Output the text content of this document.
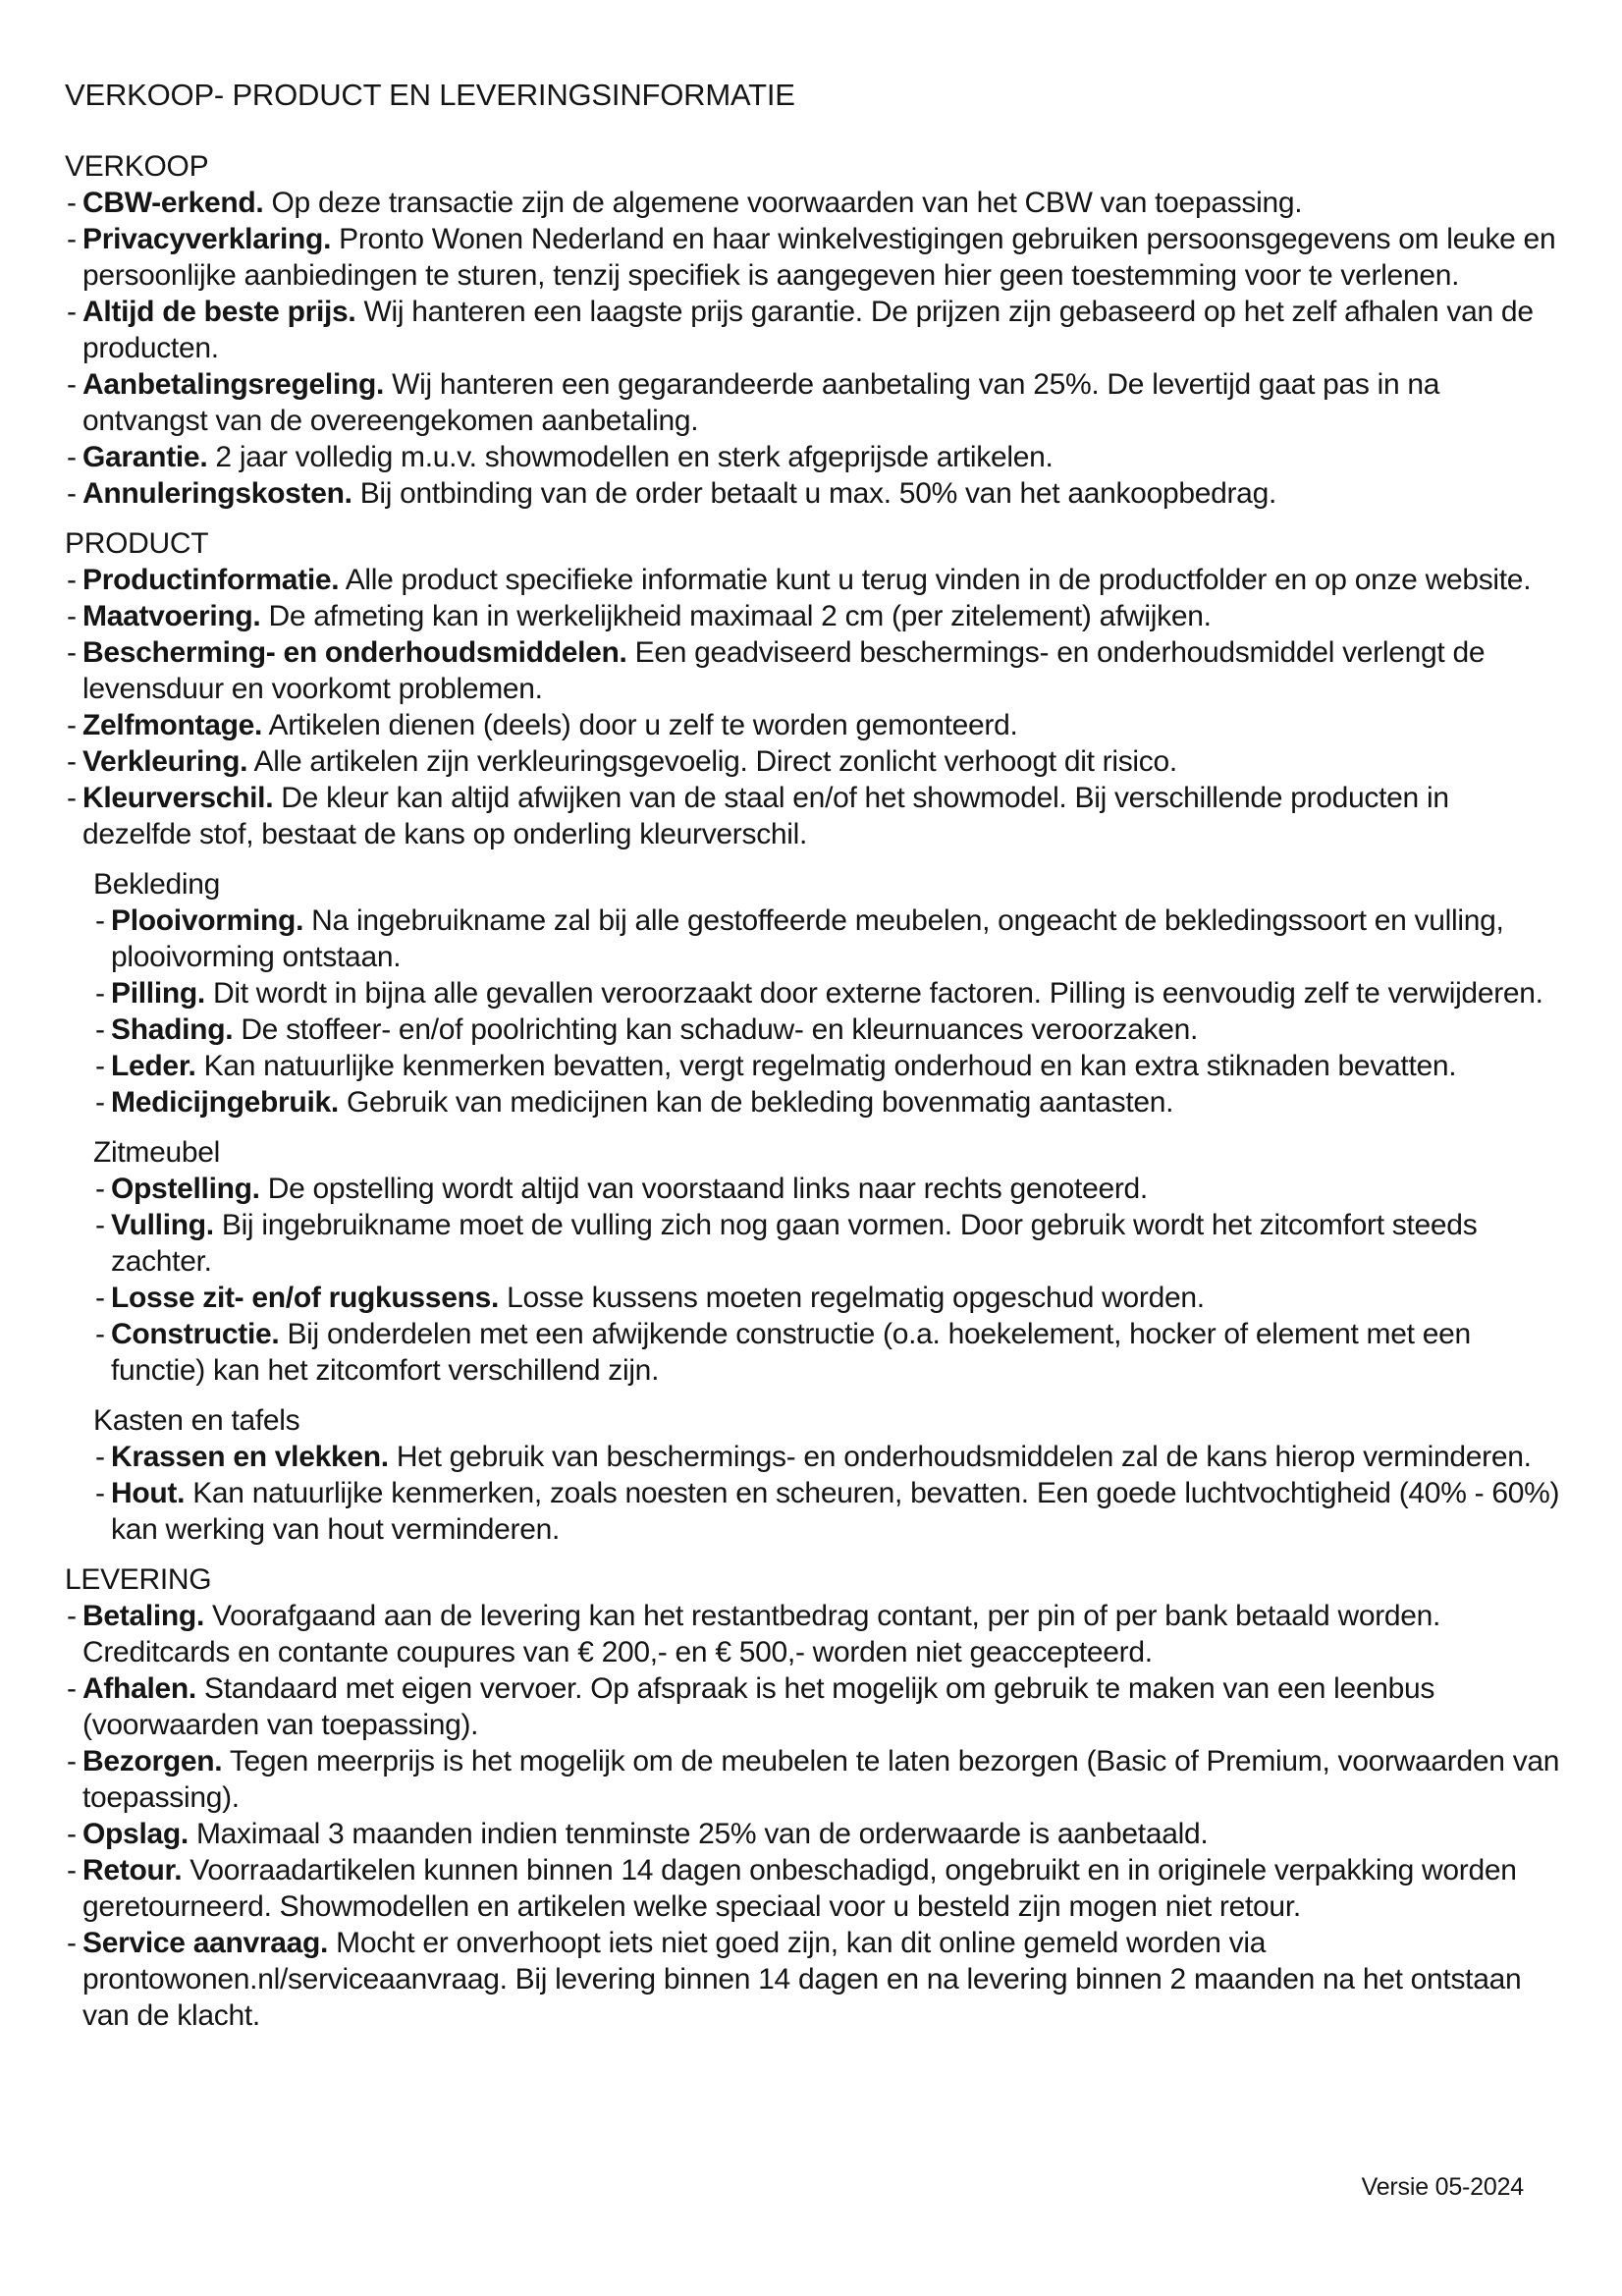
VERKOOP- PRODUCT EN LEVERINGSINFORMATIE
VERKOOP
- CBW-erkend. Op deze transactie zijn de algemene voorwaarden van het CBW van toepassing.
- Privacyverklaring. Pronto Wonen Nederland en haar winkelvestigingen gebruiken persoonsgegevens om leuke en persoonlijke aanbiedingen te sturen, tenzij specifiek is aangegeven hier geen toestemming voor te verlenen.
- Altijd de beste prijs. Wij hanteren een laagste prijs garantie. De prijzen zijn gebaseerd op het zelf afhalen van de producten.
- Aanbetalingsregeling. Wij hanteren een gegarandeerde aanbetaling van 25%. De levertijd gaat pas in na ontvangst van de overeengekomen aanbetaling.
- Garantie. 2 jaar volledig m.u.v. showmodellen en sterk afgeprijsde artikelen.
- Annuleringskosten. Bij ontbinding van de order betaalt u max. 50% van het aankoopbedrag.
PRODUCT
- Productinformatie. Alle product specifieke informatie kunt u terug vinden in de productfolder en op onze website.
- Maatvoering. De afmeting kan in werkelijkheid maximaal 2 cm (per zitelement) afwijken.
- Bescherming- en onderhoudsmiddelen. Een geadviseerd beschermings- en onderhoudsmiddel verlengt de levensduur en voorkomt problemen.
- Zelfmontage. Artikelen dienen (deels) door u zelf te worden gemonteerd.
- Verkleuring. Alle artikelen zijn verkleuringsgevoelig. Direct zonlicht verhoogt dit risico.
- Kleurverschil. De kleur kan altijd afwijken van de staal en/of het showmodel. Bij verschillende producten in dezelfde stof, bestaat de kans op onderling kleurverschil.
Bekleding
- Plooivorming. Na ingebruikname zal bij alle gestoffeerde meubelen, ongeacht de bekledingssoort en vulling, plooivorming ontstaan.
- Pilling. Dit wordt in bijna alle gevallen veroorzaakt door externe factoren. Pilling is eenvoudig zelf te verwijderen.
- Shading. De stoffeer- en/of poolrichting kan schaduw- en kleurnuances veroorzaken.
- Leder. Kan natuurlijke kenmerken bevatten, vergt regelmatig onderhoud en kan extra stiknaden bevatten.
- Medicijngebruik. Gebruik van medicijnen kan de bekleding bovenmatig aantasten.
Zitmeubel
- Opstelling. De opstelling wordt altijd van voorstaand links naar rechts genoteerd.
- Vulling. Bij ingebruikname moet de vulling zich nog gaan vormen. Door gebruik wordt het zitcomfort steeds zachter.
- Losse zit- en/of rugkussens. Losse kussens moeten regelmatig opgeschud worden.
- Constructie. Bij onderdelen met een afwijkende constructie (o.a. hoekelement, hocker of element met een functie) kan het zitcomfort verschillend zijn.
Kasten en tafels
- Krassen en vlekken. Het gebruik van beschermings- en onderhoudsmiddelen zal de kans hierop verminderen.
- Hout. Kan natuurlijke kenmerken, zoals noesten en scheuren, bevatten. Een goede luchtvochtigheid (40% - 60%) kan werking van hout verminderen.
LEVERING
- Betaling. Voorafgaand aan de levering kan het restantbedrag contant, per pin of per bank betaald worden. Creditcards en contante coupures van € 200,- en € 500,- worden niet geaccepteerd.
- Afhalen. Standaard met eigen vervoer. Op afspraak is het mogelijk om gebruik te maken van een leenbus (voorwaarden van toepassing).
- Bezorgen. Tegen meerprijs is het mogelijk om de meubelen te laten bezorgen (Basic of Premium, voorwaarden van toepassing).
- Opslag. Maximaal 3 maanden indien tenminste 25% van de orderwaarde is aanbetaald.
- Retour. Voorraadartikelen kunnen binnen 14 dagen onbeschadigd, ongebruikt en in originele verpakking worden geretourneerd. Showmodellen en artikelen welke speciaal voor u besteld zijn mogen niet retour.
- Service aanvraag. Mocht er onverhoopt iets niet goed zijn, kan dit online gemeld worden via prontowonen.nl/serviceaanvraag. Bij levering binnen 14 dagen en na levering binnen 2 maanden na het ontstaan van de klacht.
Versie 05-2024
